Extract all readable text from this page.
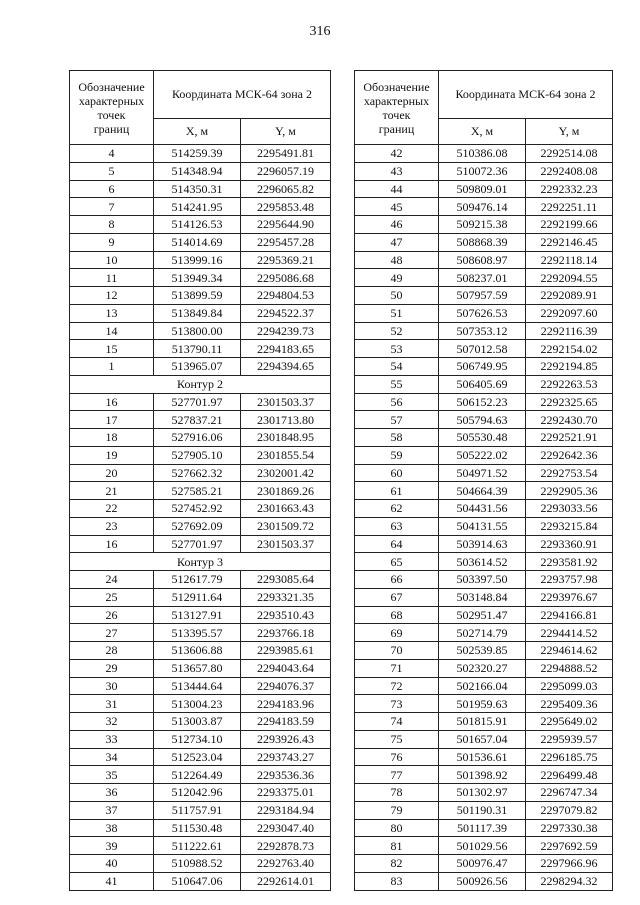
316
Обозначение
характерных
точек
границ	Координата МСК-64 зона 2	
	X, м	Y, м
4	514259.39	2295491.81
5	514348.94	2296057.19
6	514350.31	2296065.82
7	514241.95	2295853.48
8	514126.53	2295644.90
9	514014.69	2295457.28
10	513999.16	2295369.21
11	513949.34	2295086.68
12	513899.59	2294804.53
13	513849.84	2294522.37
14	513800.00	2294239.73
15	513790.11	2294183.65
1	513965.07	2294394.65
Контур 2		
16	527701.97	2301503.37
17	527837.21	2301713.80
18	527916.06	2301848.95
19	527905.10	2301855.54
20	527662.32	2302001.42
21	527585.21	2301869.26
22	527452.92	2301663.43
23	527692.09	2301509.72
16	527701.97	2301503.37
Контур 3		
24	512617.79	2293085.64
25	512911.64	2293321.35
26	513127.91	2293510.43
27	513395.57	2293766.18
28	513606.88	2293985.61
29	513657.80	2294043.64
30	513444.64	2294076.37
31	513004.23	2294183.96
32	513003.87	2294183.59
33	512734.10	2293926.43
34	512523.04	2293743.27
35	512264.49	2293536.36
36	512042.96	2293375.01
37	511757.91	2293184.94
38	511530.48	2293047.40
39	511222.61	2292878.73
40	510988.52	2292763.40
41	510647.06	2292614.01
Обозначение
характерных
точек
границ	Координата МСК-64 зона 2	
	X, м	Y, м
42	510386.08	2292514.08
43	510072.36	2292408.08
44	509809.01	2292332.23
45	509476.14	2292251.11
46	509215.38	2292199.66
47	508868.39	2292146.45
48	508608.97	2292118.14
49	508237.01	2292094.55
50	507957.59	2292089.91
51	507626.53	2292097.60
52	507353.12	2292116.39
53	507012.58	2292154.02
54	506749.95	2292194.85
55	506405.69	2292263.53
56	506152.23	2292325.65
57	505794.63	2292430.70
58	505530.48	2292521.91
59	505222.02	2292642.36
60	504971.52	2292753.54
61	504664.39	2292905.36
62	504431.56	2293033.56
63	504131.55	2293215.84
64	503914.63	2293360.91
65	503614.52	2293581.92
66	503397.50	2293757.98
67	503148.84	2293976.67
68	502951.47	2294166.81
69	502714.79	2294414.52
70	502539.85	2294614.62
71	502320.27	2294888.52
72	502166.04	2295099.03
73	501959.63	2295409.36
74	501815.91	2295649.02
75	501657.04	2295939.57
76	501536.61	2296185.75
77	501398.92	2296499.48
78	501302.97	2296747.34
79	501190.31	2297079.82
80	501117.39	2297330.38
81	501029.56	2297692.59
82	500976.47	2297966.96
83	500926.56	2298294.32
